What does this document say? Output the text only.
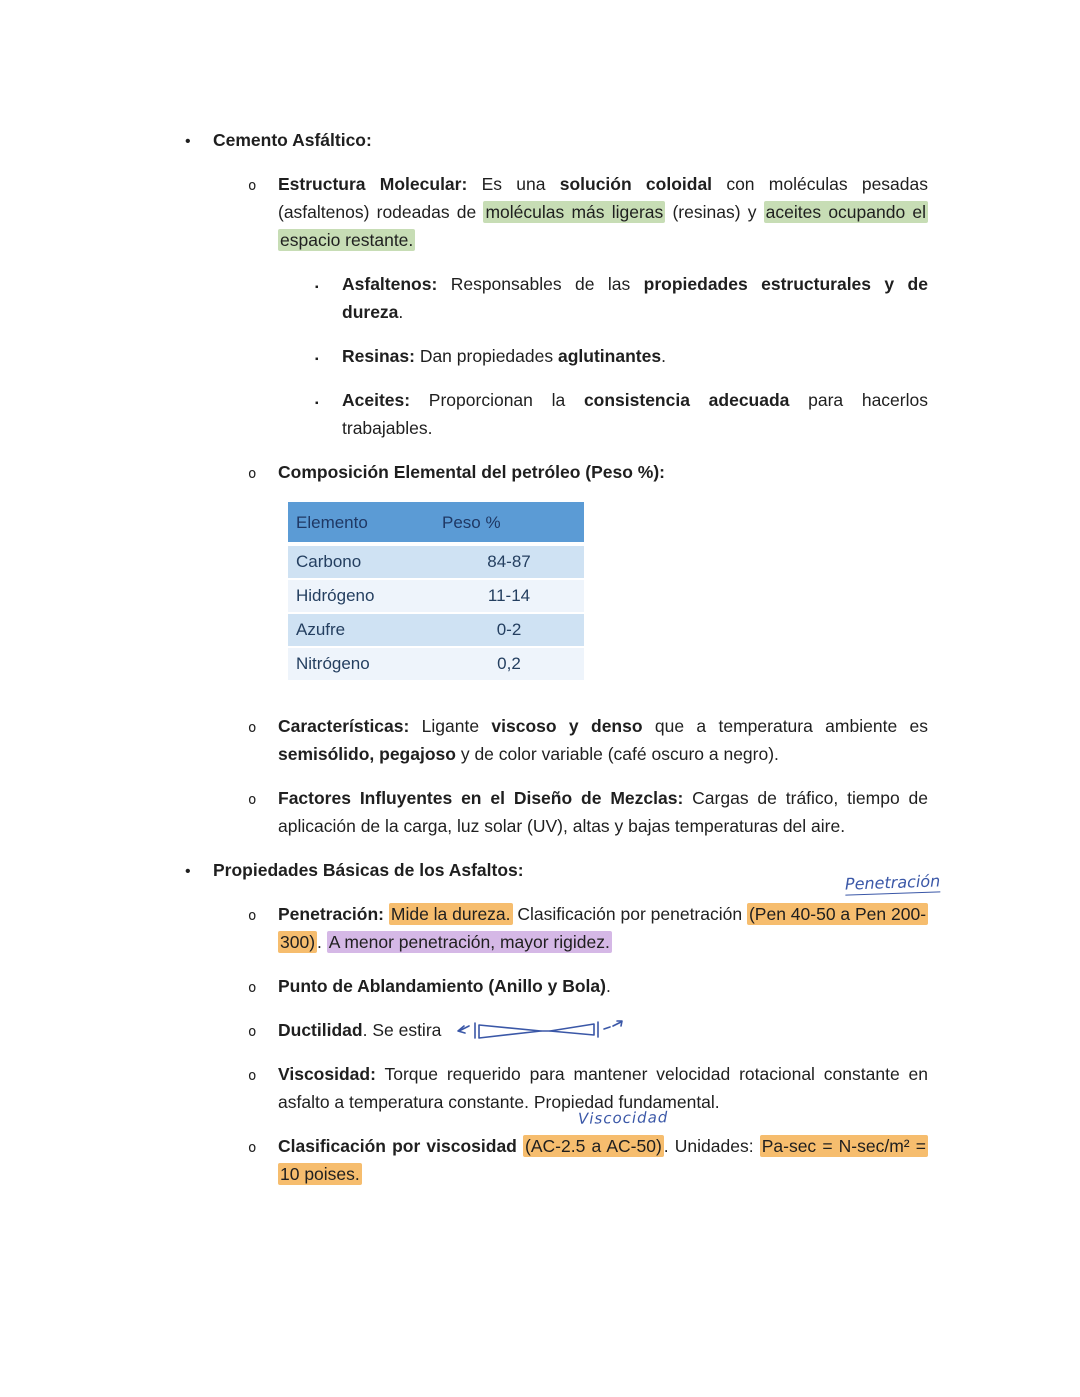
•	Cemento Asfáltico:
o	Estructura Molecular: Es una solución coloidal con moléculas pesadas (asfaltenos) rodeadas de moléculas más ligeras (resinas) y aceites ocupando el espacio restante.
▪	Asfaltenos: Responsables de las propiedades estructurales y de dureza.
▪	Resinas: Dan propiedades aglutinantes.
▪	Aceites: Proporcionan la consistencia adecuada para hacerlos trabajables.
o	Composición Elemental del petróleo (Peso %):
Elemento	Peso %
Carbono	84-87
Hidrógeno	11-14
Azufre	0-2
Nitrógeno	0,2
o	Características: Ligante viscoso y denso que a temperatura ambiente es semisólido, pegajoso y de color variable (café oscuro a negro).
o	Factores Influyentes en el Diseño de Mezclas: Cargas de tráfico, tiempo de aplicación de la carga, luz solar (UV), altas y bajas temperaturas del aire.
•	Propiedades Básicas de los Asfaltos:
o	Penetración: Mide la dureza. Clasificación por penetración (Pen 40-50 a Pen 200-300) . A menor penetración, mayor rigidez.
Penetración
o	Punto de Ablandamiento (Anillo y Bola).
o	Ductilidad. Se estira
o	Viscosidad: Torque requerido para mantener velocidad rotacional constante en asfalto a temperatura constante. Propiedad fundamental.
o	Clasificación por viscosidad (AC-2.5 a AC-50) . Unidades: Pa-sec = N-sec/m² = 10 poises.
Viscocidad
